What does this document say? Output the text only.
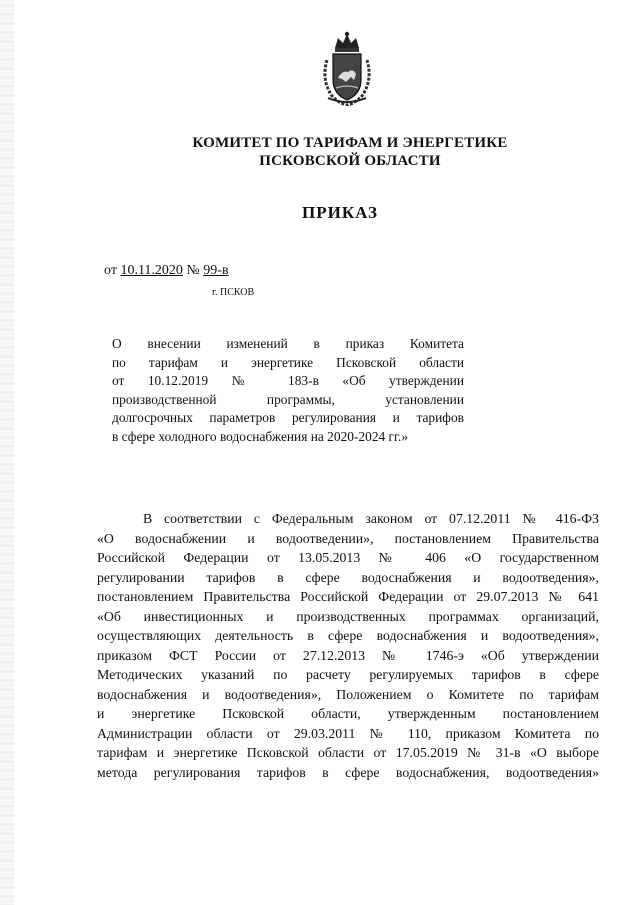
КОМИТЕТ ПО ТАРИФАМ И ЭНЕРГЕТИКЕ
ПСКОВСКОЙ ОБЛАСТИ
ПРИКАЗ
от 10.11.2020 № 99-в
г. ПСКОВ
О внесении изменений в приказ Комитета
по тарифам и энергетике Псковской области
от 10.12.2019 № 183-в «Об утверждении
производственной программы, установлении
долгосрочных параметров регулирования и тарифов
в сфере холодного водоснабжения на 2020-2024 гг.»
В соответствии с Федеральным законом от 07.12.2011 № 416-ФЗ
«О водоснабжении и водоотведении», постановлением Правительства
Российской Федерации от 13.05.2013 № 406 «О государственном
регулировании тарифов в сфере водоснабжения и водоотведения»,
постановлением Правительства Российской Федерации от 29.07.2013 № 641
«Об инвестиционных и производственных программах организаций,
осуществляющих деятельность в сфере водоснабжения и водоотведения»,
приказом ФСТ России от 27.12.2013 № 1746-э «Об утверждении
Методических указаний по расчету регулируемых тарифов в сфере
водоснабжения и водоотведения», Положением о Комитете по тарифам
и энергетике Псковской области, утвержденным постановлением
Администрации области от 29.03.2011 № 110, приказом Комитета по
тарифам и энергетике Псковской области от 17.05.2019 № 31-в «О выборе
метода регулирования тарифов в сфере водоснабжения, водоотведения»
